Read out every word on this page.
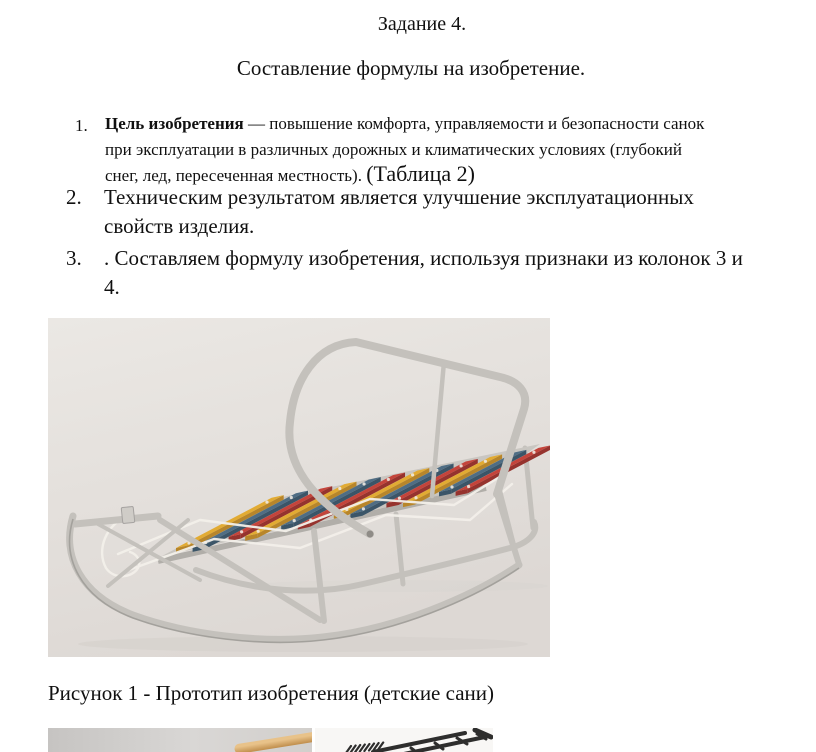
Задание 4.
Составление формулы на изобретение.
1. Цель изобретения — повышение комфорта, управляемости и безопасности санок
при эксплуатации в различных дорожных и климатических условиях (глубокий
снег, лед, пересеченная местность). (Таблица 2)
2. Техническим результатом является улучшение эксплуатационных
свойств изделия.
3. . Составляем формулу изобретения, используя признаки из колонок 3 и
4.
Рисунок 1 - Прототип изобретения (детские сани)
